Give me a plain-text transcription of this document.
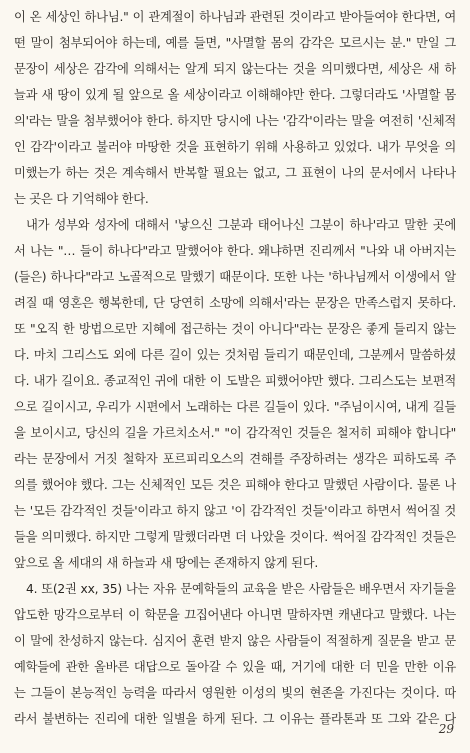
이 온 세상인 하나님." 이 관계절이 하나님과 관련된 것이라고 받아들여야 한다면, 여
떤 말이 첨부되어야 하는데, 예를 들면, "사멸할 몸의 감각은 모르시는 분." 만일 그
문장이 세상은 감각에 의해서는 알게 되지 않는다는 것을 의미했다면, 세상은 새 하
늘과 새 땅이 있게 될 앞으로 올 세상이라고 이해해야만 한다. 그렇더라도 '사멸할 몸
의'라는 말을 첨부했어야 한다. 하지만 당시에 나는 '감각'이라는 말을 여전히 '신체적
인 감각'이라고 불러야 마땅한 것을 표현하기 위해 사용하고 있었다. 내가 무엇을 의
미했는가 하는 것은 계속해서 반복할 필요는 없고, 그 표현이 나의 문서에서 나타나
는 곳은 다 기억해야 한다.
내가 성부와 성자에 대해서 '낳으신 그분과 태어나신 그분이 하나'라고 말한 곳에
서 나는 "… 들이 하나다"라고 말했어야 한다. 왜냐하면 진리께서 "나와 내 아버지는
(들은) 하나다"라고 노골적으로 말했기 때문이다. 또한 나는 '하나님께서 이생에서 알
려질 때 영혼은 행복한데, 단 당연히 소망에 의해서'라는 문장은 만족스럽지 못하다.
또 "오직 한 방법으로만 지혜에 접근하는 것이 아니다"라는 문장은 좋게 들리지 않는
다. 마치 그리스도 외에 다른 길이 있는 것처럼 들리기 때문인데, 그분께서 말씀하셨
다. 내가 길이요. 종교적인 귀에 대한 이 도발은 피했어야만 했다. 그리스도는 보편적
으로 길이시고, 우리가 시편에서 노래하는 다른 길들이 있다. "주님이시여, 내게 길들
을 보이시고, 당신의 길을 가르치소서." "이 감각적인 것들은 철저히 피해야 합니다"
라는 문장에서 거짓 철학자 포르피리오스의 견해를 주장하려는 생각은 피하도록 주
의를 했어야 했다. 그는 신체적인 모든 것은 피해야 한다고 말했던 사람이다. 물론 나
는 '모든 감각적인 것들'이라고 하지 않고 '이 감각적인 것들'이라고 하면서 썩어질 것
들을 의미했다. 하지만 그렇게 말했더라면 더 나았을 것이다. 썩어질 감각적인 것들은
앞으로 올 세대의 새 하늘과 새 땅에는 존재하지 않게 된다.
4. 또(2권 xx, 35) 나는 자유 문예학들의 교육을 받은 사람들은 배우면서 자기들을
압도한 망각으로부터 이 학문을 끄집어낸다 아니면 말하자면 캐낸다고 말했다. 나는
이 말에 찬성하지 않는다. 심지어 훈련 받지 않은 사람들이 적절하게 질문을 받고 문
예학들에 관한 올바른 대답으로 돌아갈 수 있을 때, 거기에 대한 더 민을 만한 이유
는 그들이 본능적인 능력을 따라서 영원한 이성의 빛의 현존을 가진다는 것이다. 따
라서 불변하는 진리에 대한 일별을 하게 된다. 그 이유는 플라톤과 또 그와 같은 다
29
